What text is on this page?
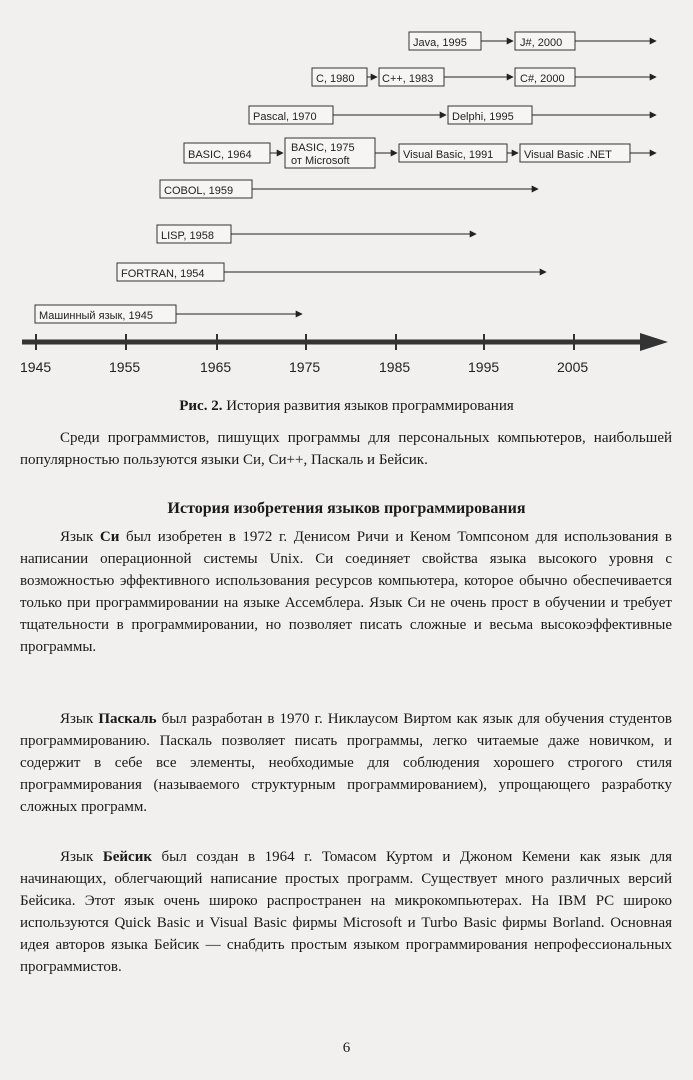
Java, 1995	J#, 2000
C, 1980 C++, 1983	C#, 2000
Pascal, 1970	Delphi, 1995
BASIC, 1964
BASIC, 1975
от Microsoft	Visual Basic, 1991	Visual Basic .NET
COBOL, 1959
LISP, 1958
FORTRAN, 1954
Машинный язык, 1945
1945	1955	1965	1975	1985	1995	2005
Рис. 2. История развития языков программирования

Среди программистов, пишущих программы для персональных компьютеров, наибольшей популярностью пользуются языки Си, Си++, Паскаль и Бейсик.

История изобретения языков программирования

Язык Си был изобретен в 1972 г. Денисом Ричи и Кеном Томпсоном для использования в написании операционной системы Unix. Си соединяет свойства языка высокого уровня с возможностью эффективного использования ресурсов компьютера, которое обычно обеспечивается только при программировании на языке Ассемблера. Язык Си не очень прост в обучении и требует тщательности в программировании, но позволяет писать сложные и весьма высокоэффективные программы.

Язык Паскаль был разработан в 1970 г. Никлаусом Виртом как язык для обучения студентов программированию. Паскаль позволяет писать программы, легко читаемые даже новичком, и содержит в себе все элементы, необходимые для соблюдения хорошего строгого стиля программирования (называемого структурным программированием), упрощающего разработку сложных программ.

Язык Бейсик был создан в 1964 г. Томасом Куртом и Джоном Кемени как язык для начинающих, облегчающий написание простых программ. Существует много различных версий Бейсика. Этот язык очень широко распространен на микрокомпьютерах. На IBM PC широко используются Quick Basic и Visual Basic фирмы Microsoft и Turbo Basic фирмы Borland. Основная идея авторов языка Бейсик — снабдить простым языком программирования непрофессиональных программистов.

6
